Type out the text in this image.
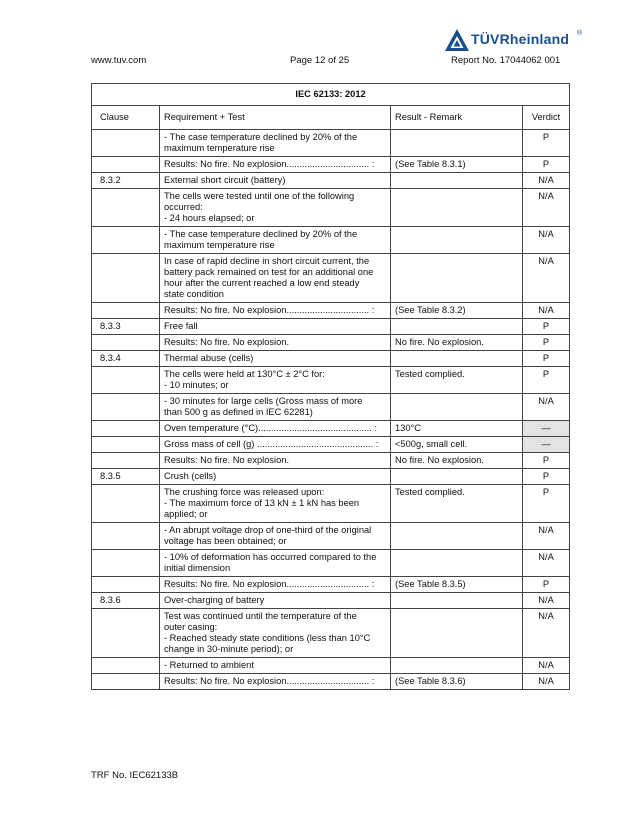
www.tuv.com	Page 12 of 25	Report No. 17044062 001
TÜVRheinland ®
IEC 62133: 2012			
Clause	Requirement + Test	Result - Remark	Verdict
	- The case temperature declined by 20% of the
maximum temperature rise		P
	Results: No fire. No explosion................................ :	(See Table 8.3.1)	P
8.3.2	External short circuit (battery)		N/A
	The cells were tested until one of the following
occurred:
- 24 hours elapsed; or		N/A
	- The case temperature declined by 20% of the
maximum temperature rise		N/A
	In case of rapid decline in short circuit current, the
battery pack remained on test for an additional one
hour after the current reached a low end steady
state condition		N/A
	Results: No fire. No explosion................................ :	(See Table 8.3.2)	N/A
8.3.3	Free fall		P
	Results: No fire. No explosion.	No fire. No explosion.	P
8.3.4	Thermal abuse (cells)		P
	The cells were held at 130°C ± 2°C for:
- 10 minutes; or	Tested complied.	P
	- 30 minutes for large cells (Gross mass of more
than 500 g as defined in IEC 62281)		N/A
	Oven temperature (°C)............................................ :	130°C	—
	Gross mass of cell (g) ............................................. :	<500g, small cell.	—
	Results: No fire. No explosion.	No fire. No explosion.	P
8.3.5	Crush (cells)		P
	The crushing force was released upon:
- The maximum force of 13 kN ± 1 kN has been
applied; or	Tested complied.	P
	- An abrupt voltage drop of one-third of the original
voltage has been obtained; or		N/A
	- 10% of deformation has occurred compared to the
initial dimension		N/A
	Results: No fire. No explosion................................ :	(See Table 8.3.5)	P
8.3.6	Over-charging of battery		N/A
	Test was continued until the temperature of the
outer casing:
- Reached steady state conditions (less than 10°C
change in 30-minute period); or		N/A
	- Returned to ambient		N/A
	Results: No fire. No explosion................................ :	(See Table 8.3.6)	N/A
TRF No. IEC62133B
